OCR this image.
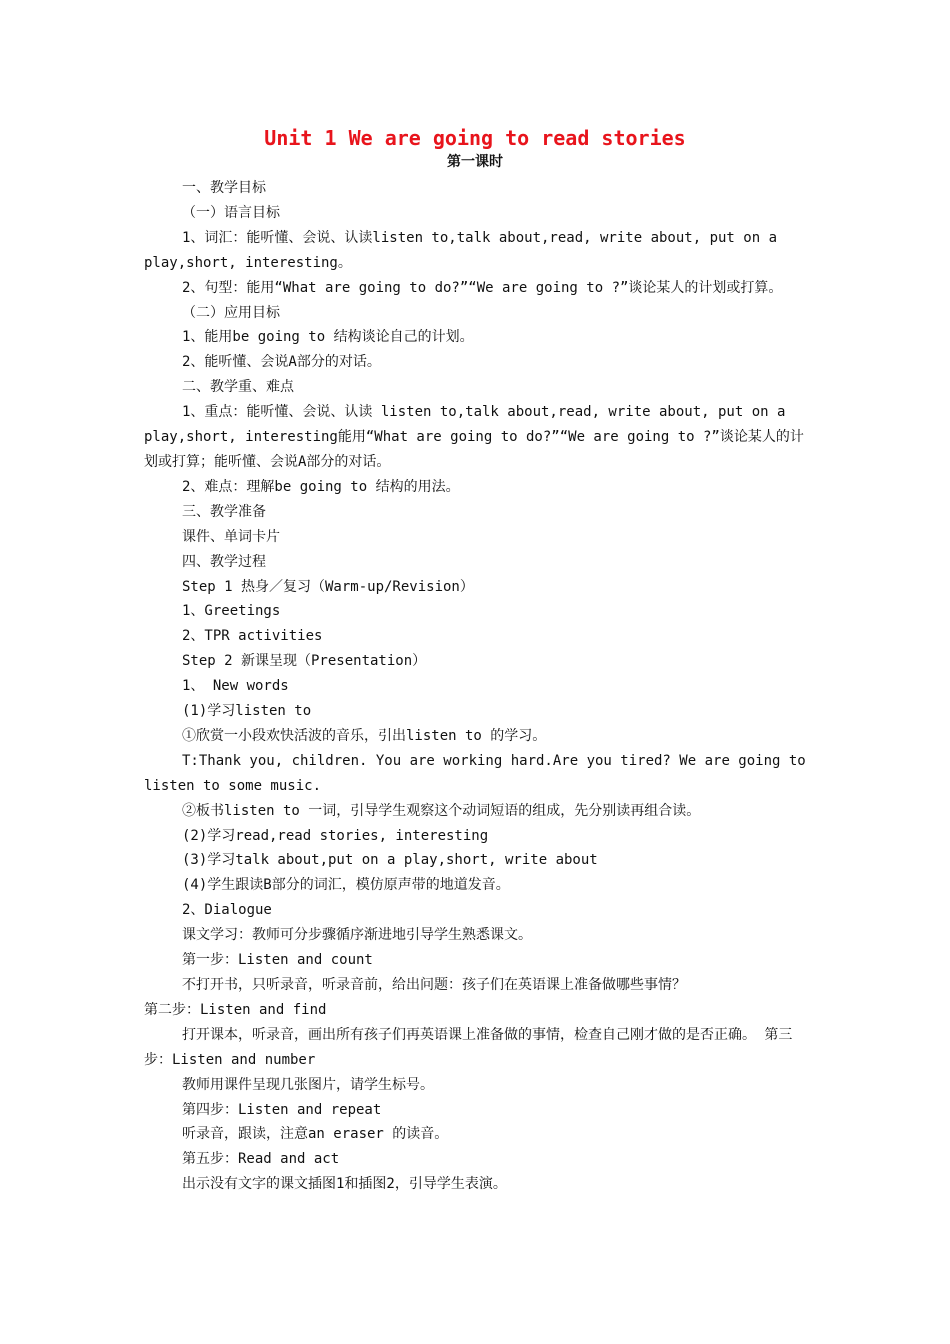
Unit 1 We are going to read stories
第一课时

一、教学目标

（一）语言目标

1、词汇：能听懂、会说、认读listen to,talk about,read, write about, put on a play,short, interesting。

2、句型：能用“What are going to do?”“We are going to ?”谈论某人的计划或打算。

（二）应用目标

1、能用be going to 结构谈论自己的计划。

2、能听懂、会说A部分的对话。

二、教学重、难点

1、重点：能听懂、会说、认读 listen to,talk about,read, write about, put on a play,short, interesting能用“What are going to do?”“We are going to ?”谈论某人的计划或打算；能听懂、会说A部分的对话。

2、难点：理解be going to 结构的用法。

三、教学准备

课件、单词卡片

四、教学过程

Step 1 热身／复习（Warm-up/Revision）

1、Greetings

2、TPR activities

Step 2 新课呈现（Presentation）

1、 New words

(1)学习listen to

①欣赏一小段欢快活波的音乐，引出listen to 的学习。

T:Thank you, children. You are working hard.Are you tired? We are going to listen to some music.

②板书listen to 一词，引导学生观察这个动词短语的组成，先分别读再组合读。

(2)学习read,read stories, interesting

(3)学习talk about,put on a play,short, write about

(4)学生跟读B部分的词汇，模仿原声带的地道发音。

2、Dialogue

课文学习：教师可分步骤循序渐进地引导学生熟悉课文。

第一步：Listen and count

不打开书，只听录音，听录音前，给出问题：孩子们在英语课上准备做哪些事情？

第二步：Listen and find

打开课本，听录音，画出所有孩子们再英语课上准备做的事情，检查自己刚才做的是否正确。 第三步：Listen and number

教师用课件呈现几张图片，请学生标号。

第四步：Listen and repeat

听录音，跟读，注意an eraser 的读音。

第五步：Read and act

出示没有文字的课文插图1和插图2，引导学生表演。
